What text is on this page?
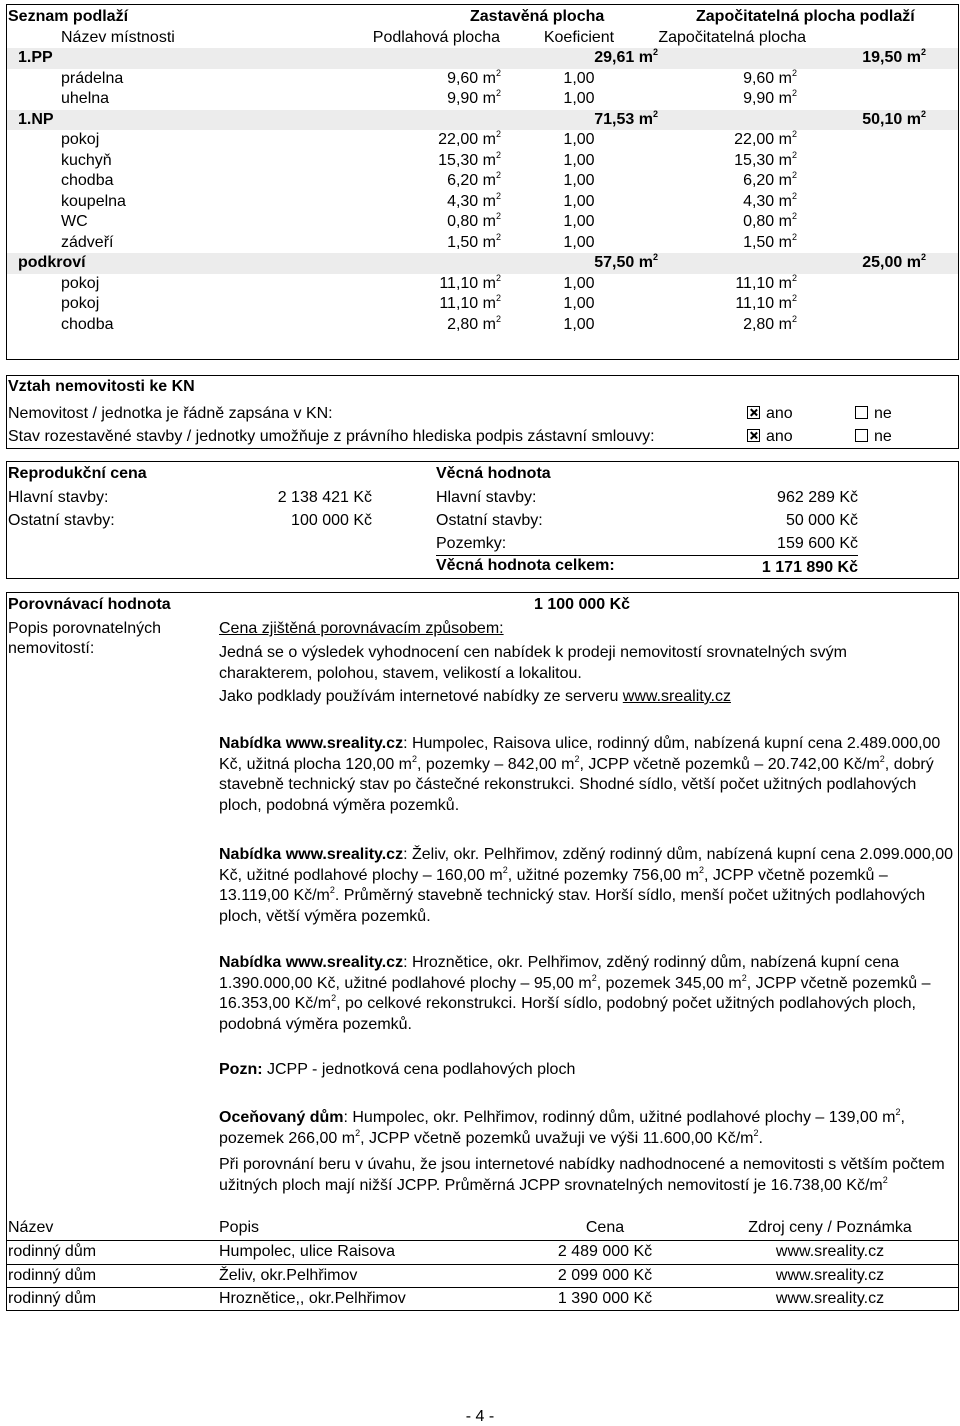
Seznam podlaží	Zastavěná plocha	Započitatelná plocha podlaží
Název místnosti	Podlahová plocha	Koeficient	Započitatelná plocha
1.PP	29,61 $m^2$	19,50 $m^2$
prádelna	9,60 $m^2$	1,00	9,60 $m^2$
uhelna	9,90 $m^2$	1,00	9,90 $m^2$
1.NP	71,53 $m^2$	50,10 $m^2$
pokoj	22,00 $m^2$	1,00	22,00 $m^2$
kuchyň	15,30 $m^2$	1,00	15,30 $m^2$
chodba	6,20 $m^2$	1,00	6,20 $m^2$
koupelna	4,30 $m^2$	1,00	4,30 $m^2$
WC	0,80 $m^2$	1,00	0,80 $m^2$
zádveří	1,50 $m^2$	1,00	1,50 $m^2$
podkroví	57,50 $m^2$	25,00 $m^2$
pokoj	11,10 $m^2$	1,00	11,10 $m^2$
pokoj	11,10 $m^2$	1,00	11,10 $m^2$
chodba	2,80 $m^2$	1,00	2,80 $m^2$
Vztah nemovitosti ke KN
Nemovitost / jednotka je řádně zapsána v KN:	ano	ne
Stav rozestavěné stavby / jednotky umožňuje z právního hlediska podpis zástavní smlouvy:	ano	ne
Reprodukční cena
Hlavní stavby:	2 138 421 Kč
Ostatní stavby:	100 000 Kč
Věcná hodnota
Hlavní stavby:	962 289 Kč
Ostatní stavby:	50 000 Kč
Pozemky:	159 600 Kč
Věcná hodnota celkem:	1 171 890 Kč
Porovnávací hodnota	1 100 000 Kč
Popis porovnatelných
nemovitostí:
Cena zjištěná porovnávacím způsobem:
Jedná se o výsledek vyhodnocení cen nabídek k prodeji nemovitostí srovnatelných svým charakterem, polohou, stavem, velikostí a lokalitou.
Jako podklady používám internetové nabídky ze serveru www.sreality.cz
Nabídka www.sreality.cz: Humpolec, Raisova ulice, rodinný dům, nabízená kupní cena 2.489.000,00 Kč, užitná plocha 120,00 $m^2$, pozemky – 842,00 $m^2$, JCPP včetně pozemků – 20.742,00 $Kč/m^2$, dobrý stavebně technický stav po částečné rekonstrukci. Shodné sídlo, větší počet užitných podlahových ploch, podobná výměra pozemků.
Nabídka www.sreality.cz: Želiv, okr. Pelhřimov, zděný rodinný dům, nabízená kupní cena 2.099.000,00 Kč, užitné podlahové plochy – 160,00 $m^2$, užitné pozemky 756,00 $m^2$, JCPP včetně pozemků – 13.119,00 $Kč/m^2$. Průměrný stavebně technický stav. Horší sídlo, menší počet užitných podlahových ploch, větší výměra pozemků.
Nabídka www.sreality.cz: Hroznětice, okr. Pelhřimov, zděný rodinný dům, nabízená kupní cena 1.390.000,00 Kč, užitné podlahové plochy – 95,00 $m^2$, pozemek 345,00 $m^2$, JCPP včetně pozemků – 16.353,00 $Kč/m^2$, po celkové rekonstrukci. Horší sídlo, podobný počet užitných podlahových ploch, podobná výměra pozemků.
Pozn: JCPP - jednotková cena podlahových ploch
Oceňovaný dům: Humpolec, okr. Pelhřimov, rodinný dům, užitné podlahové plochy – 139,00 $m^2$, pozemek 266,00 $m^2$, JCPP včetně pozemků uvažuji ve výši 11.600,00 $Kč/m^2$.
Při porovnání beru v úvahu, že jsou internetové nabídky nadhodnocené a nemovitosti s větším počtem užitných ploch mají nižší JCPP. Průměrná JCPP srovnatelných nemovitostí je 16.738,00 $Kč/m^2$
Název	Popis	Cena	Zdroj ceny / Poznámka
rodinný dům	Humpolec, ulice Raisova	2 489 000 Kč	www.sreality.cz
rodinný dům	Želiv, okr.Pelhřimov	2 099 000 Kč	www.sreality.cz
rodinný dům	Hroznětice,, okr.Pelhřimov	1 390 000 Kč	www.sreality.cz
- 4 -
